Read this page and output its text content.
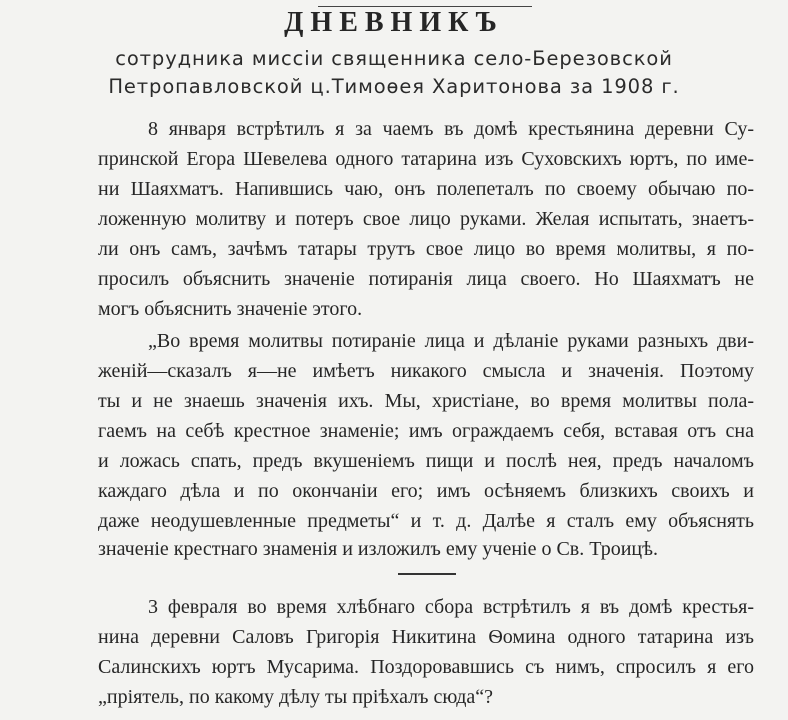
ДНЕВНИКЪ
сотрудника миссiи священника село-Березовской
Петропавловской ц.Тимоѳея Харитонова за 1908 г.
8 января встрѣтилъ я за чаемъ въ домѣ крестьянина деревни Су-
принской Егора Шевелева одного татарина изъ Суховскихъ юртъ, по име-
ни Шаяхматъ. Напившись чаю, онъ полепеталъ по своему обычаю по-
ложенную молитву и потеръ свое лицо руками. Желая испытать, знаетъ-
ли онъ самъ, зачѣмъ татары трутъ свое лицо во время молитвы, я по-
просилъ объяснить значенiе потиранiя лица своего. Но Шаяхматъ не
могъ объяснить значенiе этого.
„Во время молитвы потиранiе лица и дѣланiе руками разныхъ дви-
женiй—сказалъ я—не имѣетъ никакого смысла и значенiя. Поэтому
ты и не знаешь значенiя ихъ. Мы, христiане, во время молитвы пола-
гаемъ на себѣ крестное знаменiе; имъ ограждаемъ себя, вставая отъ сна
и ложась спать, предъ вкушенiемъ пищи и послѣ нея, предъ началомъ
каждаго дѣла и по окончанiи его; имъ осѣняемъ близкихъ своихъ и
даже неодушевленные предметы“ и т. д. Далѣе я сталъ ему объяснять
значенiе крестнаго знаменiя и изложилъ ему ученiе о Св. Троицѣ.
3 февраля во время хлѣбнаго сбора встрѣтилъ я въ домѣ крестья-
нина деревни Саловъ Григорiя Никитина Ѳомина одного татарина изъ
Салинскихъ юртъ Мусарима. Поздоровавшись съ нимъ, спросилъ я его
„прiятель, по какому дѣлу ты прiѣхалъ сюда“?
